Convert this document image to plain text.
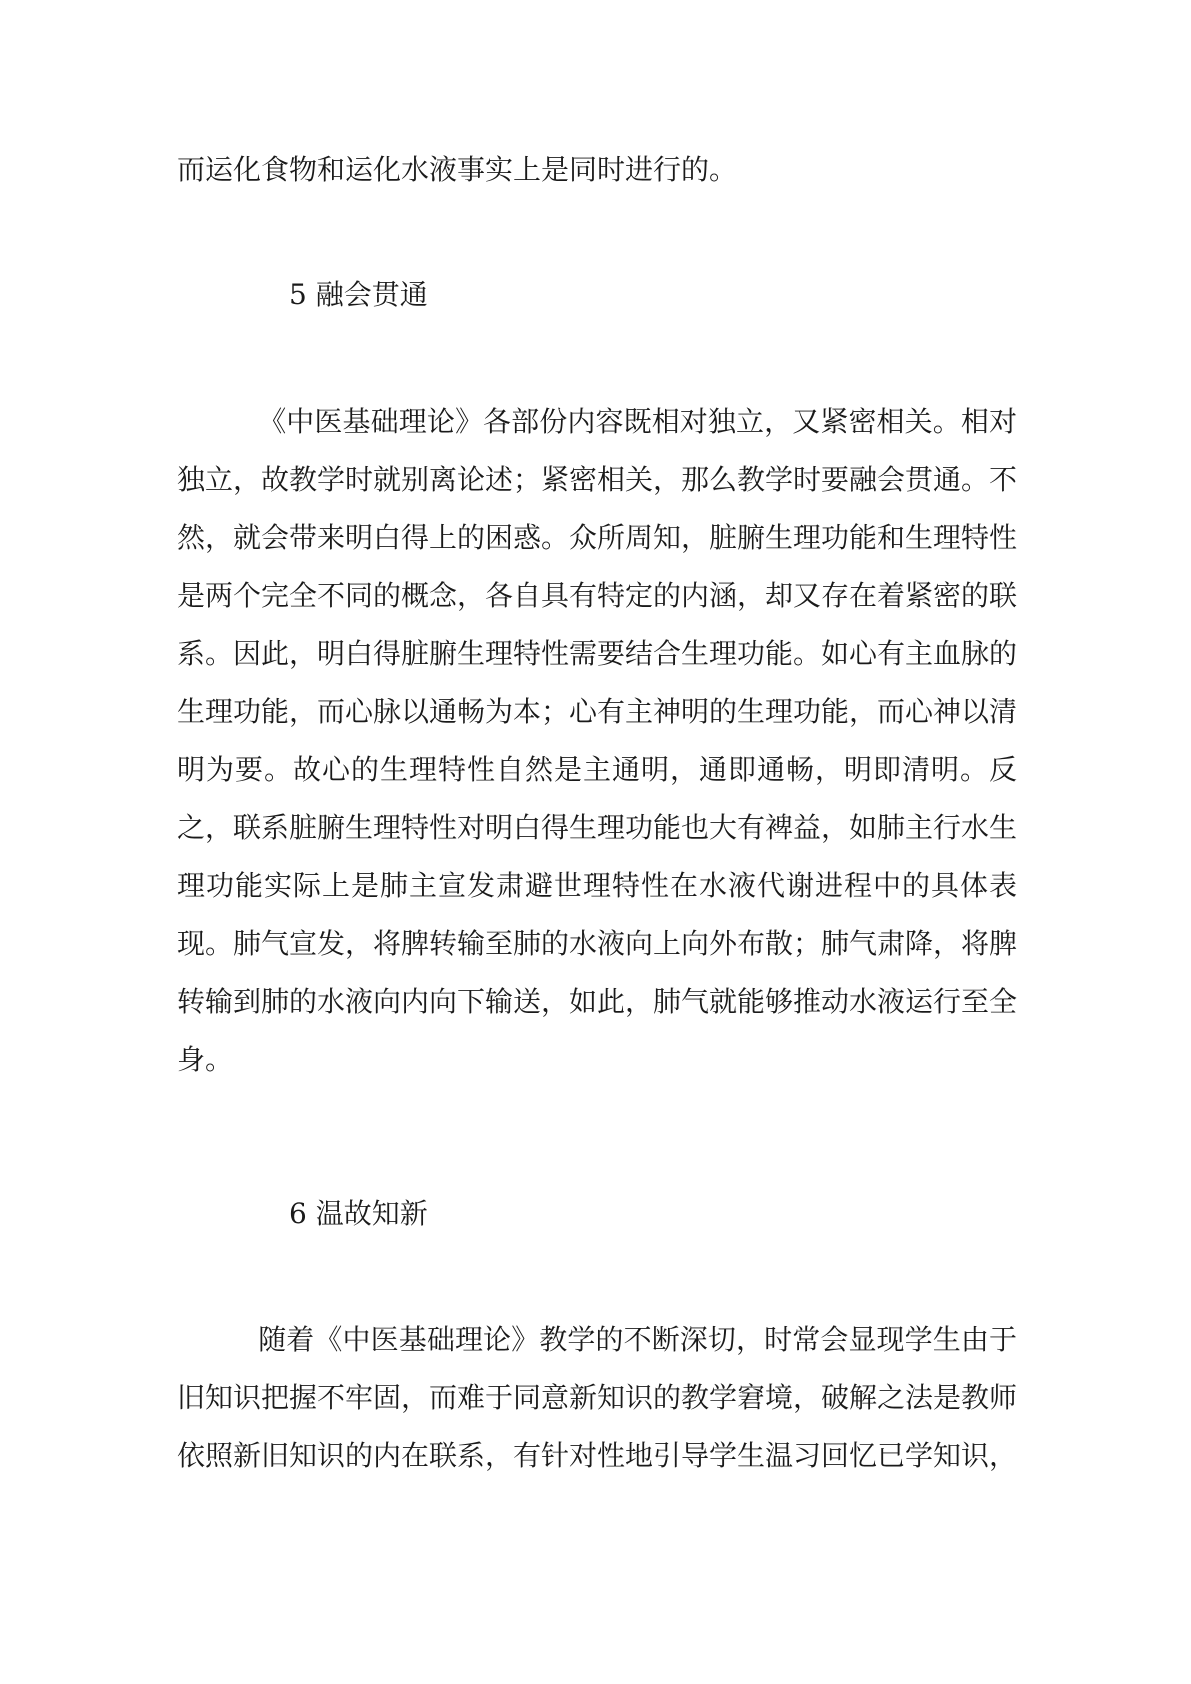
而运化食物和运化水液事实上是同时进行的。

5 融会贯通

《中医基础理论》各部份内容既相对独立，又紧密相关。相对独立，故教学时就别离论述；紧密相关，那么教学时要融会贯通。不然，就会带来明白得上的困惑。众所周知，脏腑生理功能和生理特性是两个完全不同的概念，各自具有特定的内涵，却又存在着紧密的联系。因此，明白得脏腑生理特性需要结合生理功能。如心有主血脉的生理功能，而心脉以通畅为本；心有主神明的生理功能，而心神以清明为要。故心的生理特性自然是主通明，通即通畅，明即清明。反之，联系脏腑生理特性对明白得生理功能也大有裨益，如肺主行水生理功能实际上是肺主宣发肃避世理特性在水液代谢进程中的具体表现。肺气宣发，将脾转输至肺的水液向上向外布散；肺气肃降，将脾转输到肺的水液向内向下输送，如此，肺气就能够推动水液运行至全身。

6 温故知新

随着《中医基础理论》教学的不断深切，时常会显现学生由于旧知识把握不牢固，而难于同意新知识的教学窘境，破解之法是教师依照新旧知识的内在联系，有针对性地引导学生温习回忆已学知识，
